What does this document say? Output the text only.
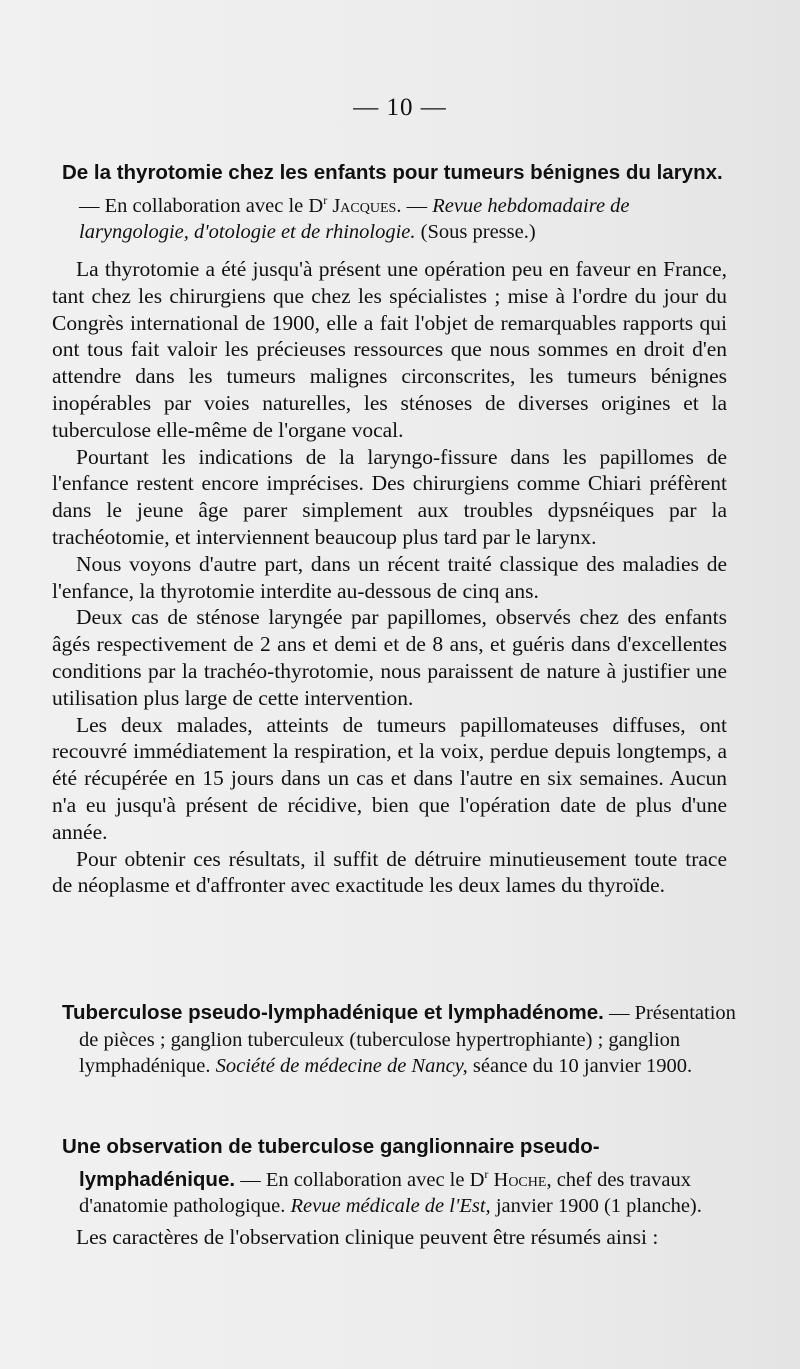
— 10 —
De la thyrotomie chez les enfants pour tumeurs bénignes du larynx. — En collaboration avec le $D^r$ Jacques. — Revue hebdomadaire de laryngologie, d'otologie et de rhinologie. (Sous presse.)

La thyrotomie a été jusqu'à présent une opération peu en faveur en France, tant chez les chirurgiens que chez les spécialistes ; mise à l'ordre du jour du Congrès international de 1900, elle a fait l'objet de remarquables rapports qui ont tous fait valoir les précieuses ressources que nous sommes en droit d'en attendre dans les tumeurs malignes circonscrites, les tumeurs bénignes inopérables par voies naturelles, les sténoses de diverses origines et la tuberculose elle-même de l'organe vocal.

Pourtant les indications de la laryngo-fissure dans les papillomes de l'enfance restent encore imprécises. Des chirurgiens comme Chiari préfèrent dans le jeune âge parer simplement aux troubles dypsnéiques par la trachéotomie, et interviennent beaucoup plus tard par le larynx.

Nous voyons d'autre part, dans un récent traité classique des maladies de l'enfance, la thyrotomie interdite au-dessous de cinq ans.

Deux cas de sténose laryngée par papillomes, observés chez des enfants âgés respectivement de 2 ans et demi et de 8 ans, et guéris dans d'excellentes conditions par la trachéo-thyrotomie, nous paraissent de nature à justifier une utilisation plus large de cette intervention.

Les deux malades, atteints de tumeurs papillomateuses diffuses, ont recouvré immédiatement la respiration, et la voix, perdue depuis longtemps, a été récupérée en 15 jours dans un cas et dans l'autre en six semaines. Aucun n'a eu jusqu'à présent de récidive, bien que l'opération date de plus d'une année.

Pour obtenir ces résultats, il suffit de détruire minutieusement toute trace de néoplasme et d'affronter avec exactitude les deux lames du thyroïde.

Tuberculose pseudo-lymphadénique et lymphadénome. — Présentation de pièces ; ganglion tuberculeux (tuberculose hypertrophiante) ; ganglion lymphadénique. Société de médecine de Nancy, séance du 10 janvier 1900.
Une observation de tuberculose ganglionnaire pseudo-lymphadénique. — En collaboration avec le $D^r$ Hoche, chef des travaux d'anatomie pathologique. Revue médicale de l'Est, janvier 1900 (1 planche).

Les caractères de l'observation clinique peuvent être résumés ainsi :
